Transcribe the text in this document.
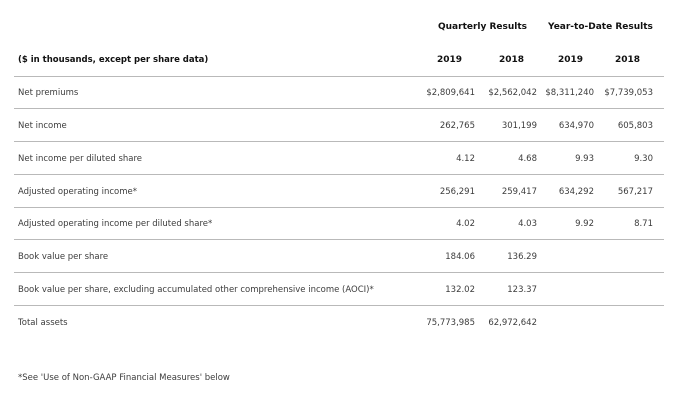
Quarterly Results Year-to-Date Results
($ in thousands, except per share data)	2019	2018	2019	2018
Net premiums	$2,809,641 $2,562,042 $8,311,240 $7,739,053
Net income	262,765	301,199	634,970	605,803
Net income per diluted share	4.12	4.68	9.93	9.30
Adjusted operating income*	256,291	259,417	634,292	567,217
Adjusted operating income per diluted share*	4.02	4.03	9.92	8.71
Book value per share	184.06	136.29
Book value per share, excluding accumulated other comprehensive income (AOCI)*	132.02	123.37
Total assets	75,773,985 62,972,642
*See 'Use of Non-GAAP Financial Measures' below
